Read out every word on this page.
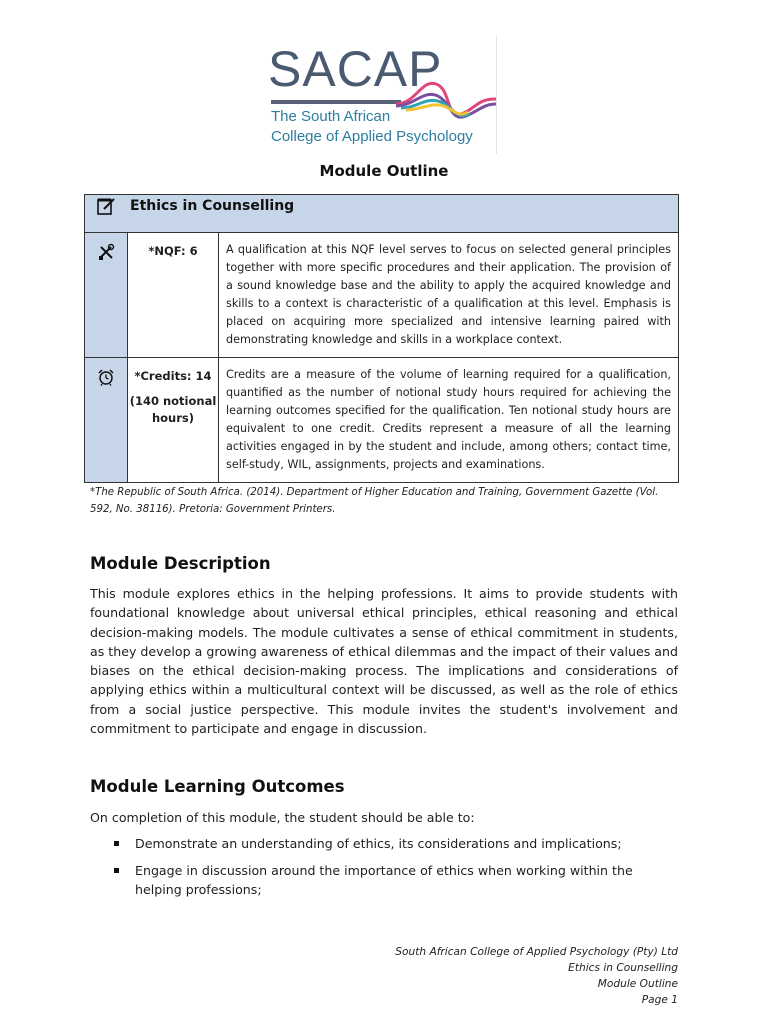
SACAP
The South African
College of Applied Psychology
Module Outline
Ethics in Counselling		

*NQF: 6	A qualification at this NQF level serves to focus on selected general principles together with more specific procedures and their application. The provision of a sound knowledge base and the ability to apply the acquired knowledge and skills to a context is characteristic of a qualification at this level. Emphasis is placed on acquiring more specialized and intensive learning paired with demonstrating knowledge and skills in a workplace context.

*Credits: 14
(140 notional hours)	Credits are a measure of the volume of learning required for a qualification, quantified as the number of notional study hours required for achieving the learning outcomes specified for the qualification. Ten notional study hours are equivalent to one credit. Credits represent a measure of all the learning activities engaged in by the student and include, among others; contact time, self-study, WIL, assignments, projects and examinations.
*The Republic of South Africa. (2014). Department of Higher Education and Training, Government Gazette (Vol. 592, No. 38116). Pretoria: Government Printers.
Module Description
This module explores ethics in the helping professions. It aims to provide students with foundational knowledge about universal ethical principles, ethical reasoning and ethical decision-making models. The module cultivates a sense of ethical commitment in students, as they develop a growing awareness of ethical dilemmas and the impact of their values and biases on the ethical decision-making process. The implications and considerations of applying ethics within a multicultural context will be discussed, as well as the role of ethics from a social justice perspective. This module invites the student's involvement and commitment to participate and engage in discussion.
Module Learning Outcomes
On completion of this module, the student should be able to:
Demonstrate an understanding of ethics, its considerations and implications;
Engage in discussion around the importance of ethics when working within the helping professions;
South African College of Applied Psychology (Pty) Ltd
Ethics in Counselling
Module Outline
Page 1
